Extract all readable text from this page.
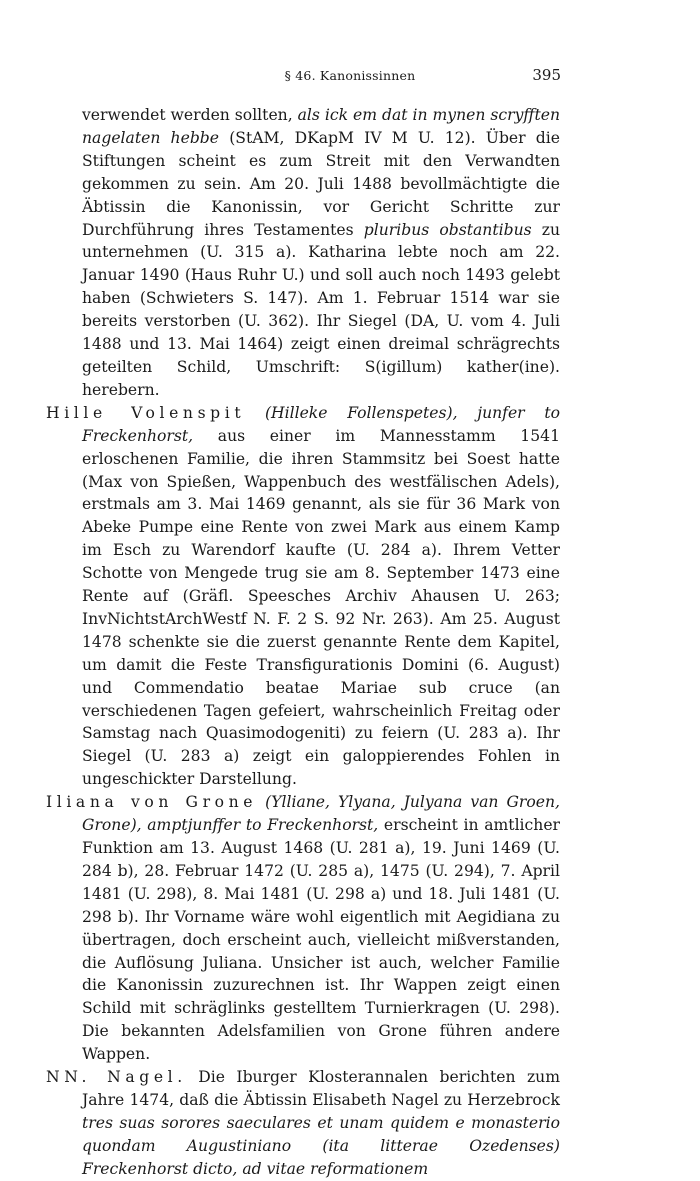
§ 46. Kanonissinnen	395

verwendet werden sollten, als ick em dat in mynen scryfften nagelaten hebbe (StAM, DKapM IV M U. 12). Über die Stiftungen scheint es zum Streit mit den Verwandten gekommen zu sein. Am 20. Juli 1488 bevollmächtigte die Äbtissin die Kanonissin, vor Gericht Schritte zur Durchführung ihres Testamentes pluribus obstantibus zu unternehmen (U. 315 a). Katharina lebte noch am 22. Januar 1490 (Haus Ruhr U.) und soll auch noch 1493 gelebt haben (Schwieters S. 147). Am 1. Februar 1514 war sie bereits verstorben (U. 362). Ihr Siegel (DA, U. vom 4. Juli 1488 und 13. Mai 1464) zeigt einen dreimal schrägrechts geteilten Schild, Umschrift: S(igillum) kather(ine). herebern.

Hille Volenspit (Hilleke Follenspetes), junfer to Freckenhorst, aus einer im Mannesstamm 1541 erloschenen Familie, die ihren Stammsitz bei Soest hatte (Max von Spießen, Wappenbuch des westfälischen Adels), erstmals am 3. Mai 1469 genannt, als sie für 36 Mark von Abeke Pumpe eine Rente von zwei Mark aus einem Kamp im Esch zu Warendorf kaufte (U. 284 a). Ihrem Vetter Schotte von Mengede trug sie am 8. September 1473 eine Rente auf (Gräfl. Speesches Archiv Ahausen U. 263; InvNichtstArchWestf N. F. 2 S. 92 Nr. 263). Am 25. August 1478 schenkte sie die zuerst genannte Rente dem Kapitel, um damit die Feste Transfigurationis Domini (6. August) und Commendatio beatae Mariae sub cruce (an verschiedenen Tagen gefeiert, wahrscheinlich Freitag oder Samstag nach Quasimodogeniti) zu feiern (U. 283 a). Ihr Siegel (U. 283 a) zeigt ein galoppierendes Fohlen in ungeschickter Darstellung.

Iliana von Grone (Ylliane, Ylyana, Julyana van Groen, Grone), amptjunffer to Freckenhorst, erscheint in amtlicher Funktion am 13. August 1468 (U. 281 a), 19. Juni 1469 (U. 284 b), 28. Februar 1472 (U. 285 a), 1475 (U. 294), 7. April 1481 (U. 298), 8. Mai 1481 (U. 298 a) und 18. Juli 1481 (U. 298 b). Ihr Vorname wäre wohl eigentlich mit Aegidiana zu übertragen, doch erscheint auch, vielleicht mißverstanden, die Auflösung Juliana. Unsicher ist auch, welcher Familie die Kanonissin zuzurechnen ist. Ihr Wappen zeigt einen Schild mit schräglinks gestelltem Turnierkragen (U. 298). Die bekannten Adelsfamilien von Grone führen andere Wappen.

NN. Nagel. Die Iburger Klosterannalen berichten zum Jahre 1474, daß die Äbtissin Elisabeth Nagel zu Herzebrock tres suas sorores saeculares et unam quidem e monasterio quondam Augustiniano (ita litterae Ozedenses) Freckenhorst dicto, ad vitae reformationem
